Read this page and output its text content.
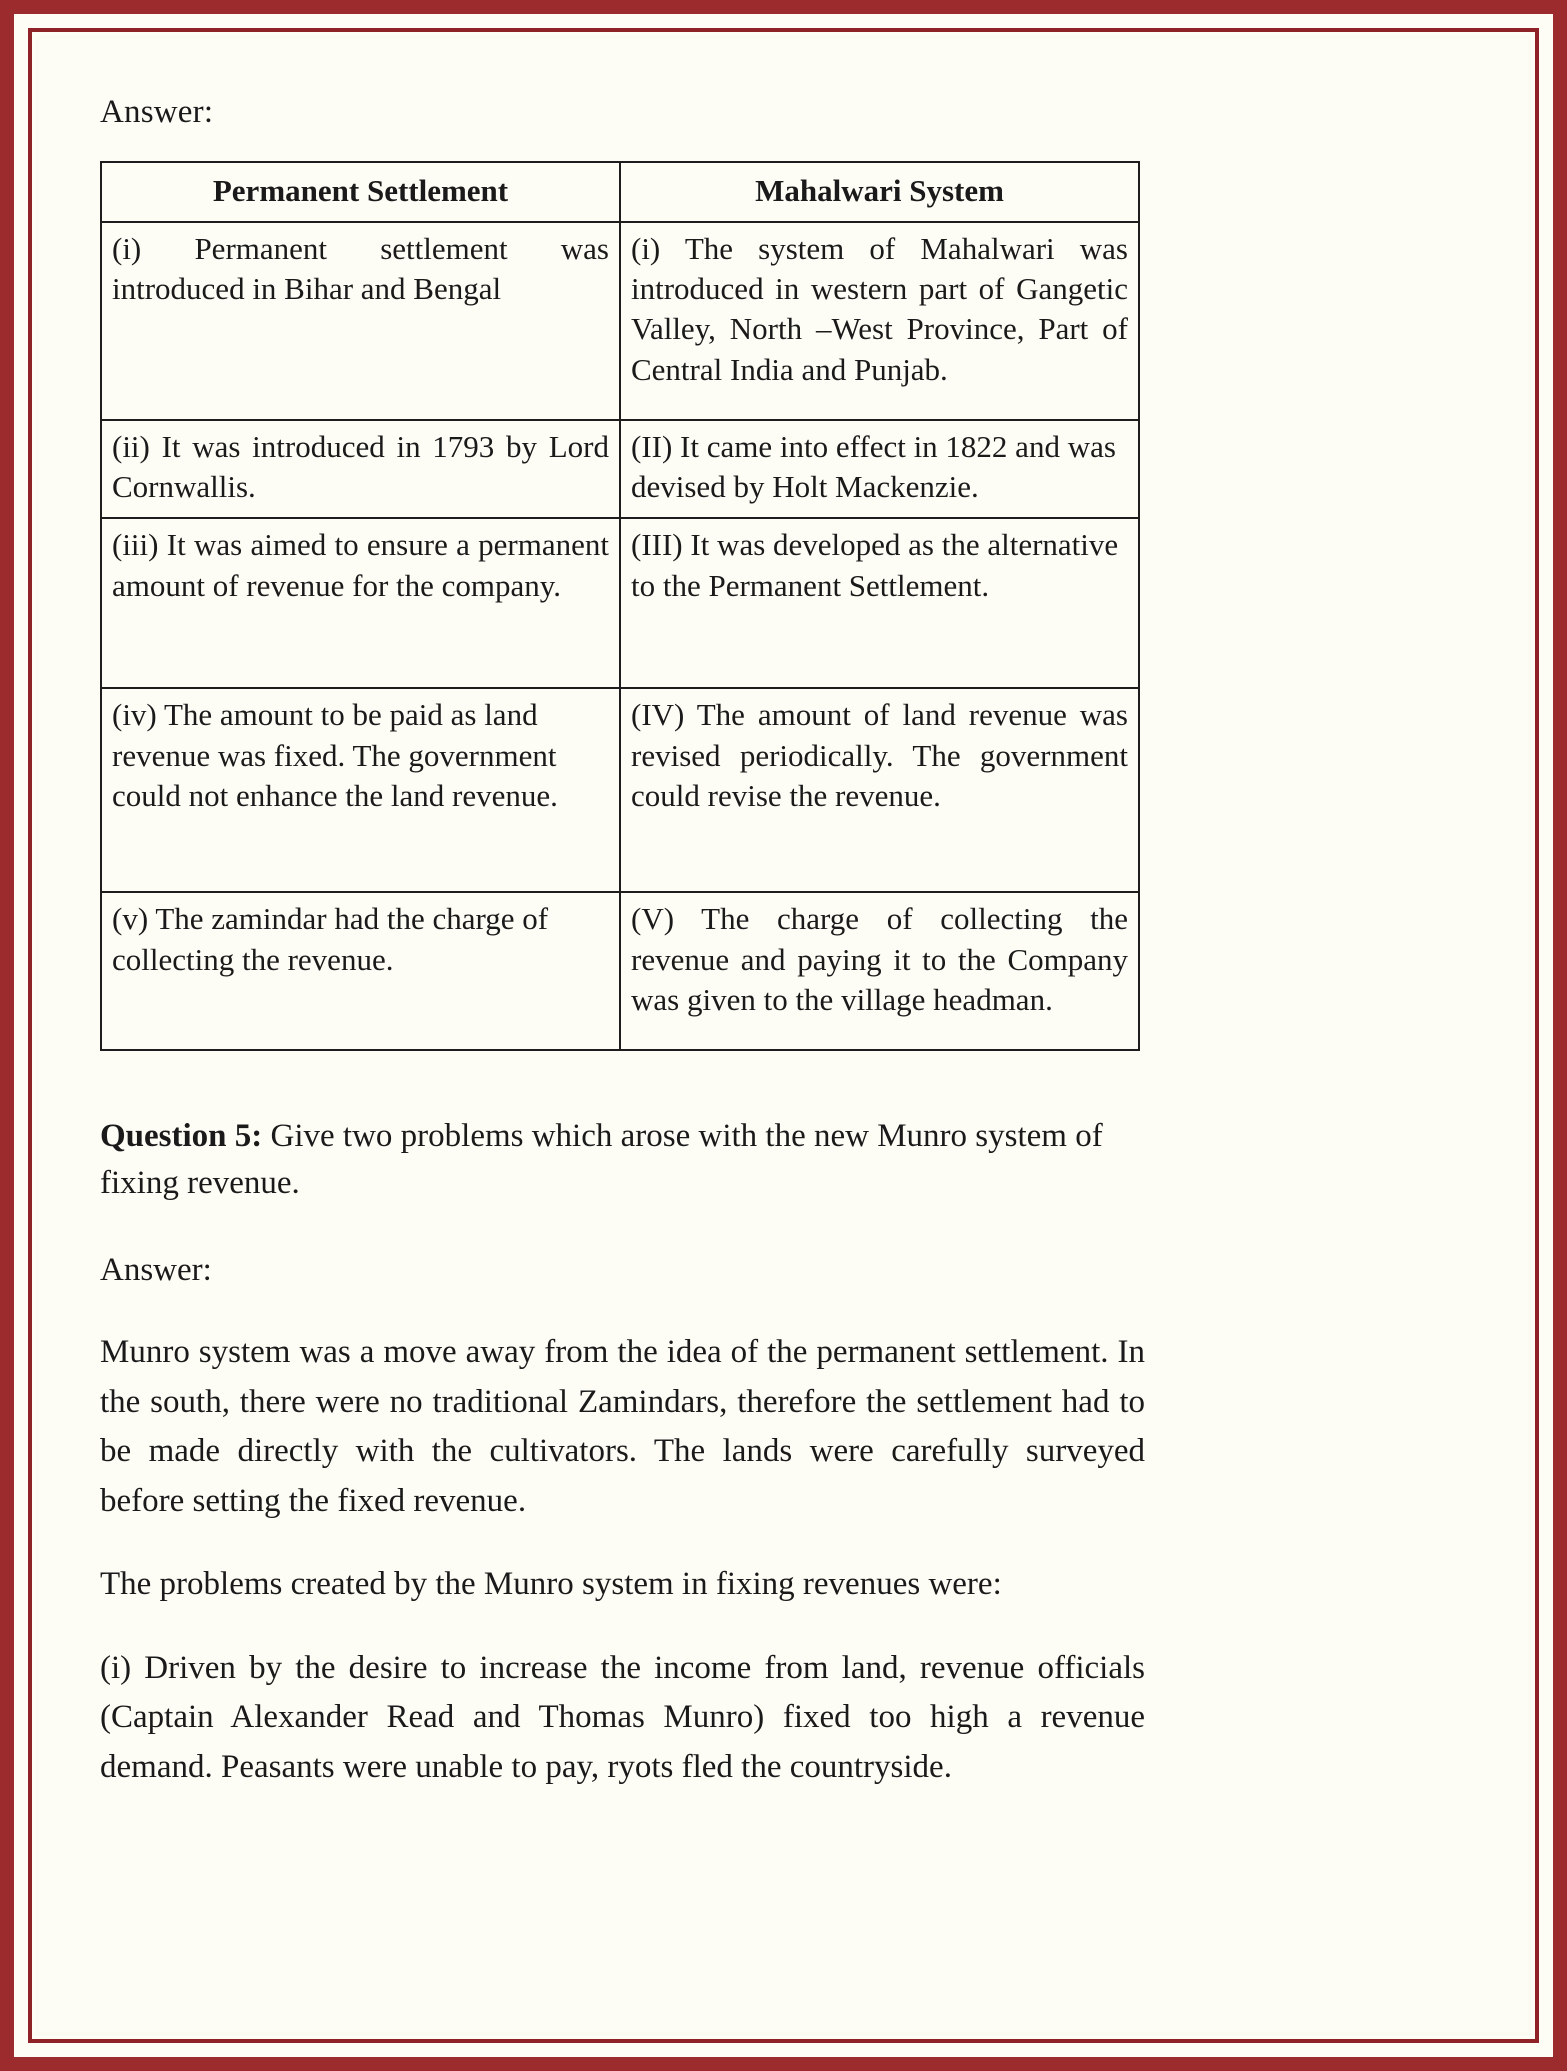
Answer:

Permanent Settlement	Mahalwari System
(i) Permanent settlement was introduced in Bihar and Bengal	(i) The system of Mahalwari was introduced in western part of Gangetic Valley, North –West Province, Part of Central India and Punjab.
(ii) It was introduced in 1793 by Lord Cornwallis.	(II) It came into effect in 1822 and was devised by Holt Mackenzie.
(iii) It was aimed to ensure a permanent amount of revenue for the company.	(III) It was developed as the alternative to the Permanent Settlement.
(iv) The amount to be paid as land revenue was fixed. The government could not enhance the land revenue.	(IV) The amount of land revenue was revised periodically. The government could revise the revenue.
(v) The zamindar had the charge of collecting the revenue.	(V) The charge of collecting the revenue and paying it to the Company was given to the village headman.

Question 5: Give two problems which arose with the new Munro system of fixing revenue.

Answer:

Munro system was a move away from the idea of the permanent settlement. In the south, there were no traditional Zamindars, therefore the settlement had to be made directly with the cultivators. The lands were carefully surveyed before setting the fixed revenue.

The problems created by the Munro system in fixing revenues were:

(i) Driven by the desire to increase the income from land, revenue officials (Captain Alexander Read and Thomas Munro) fixed too high a revenue demand. Peasants were unable to pay, ryots fled the countryside.
